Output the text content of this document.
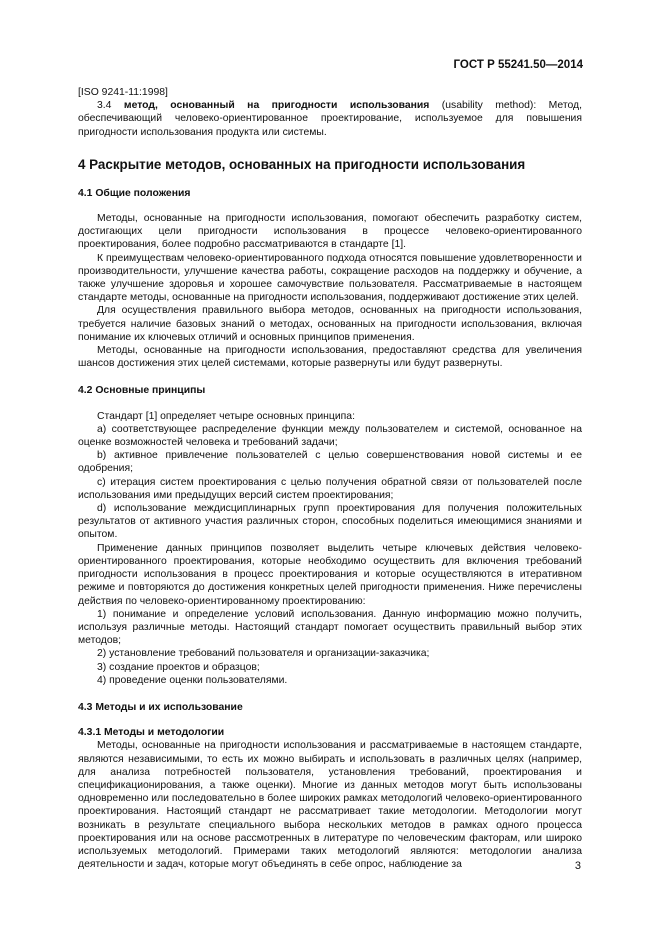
ГОСТ Р 55241.50—2014

[ISO 9241-11:1998]

3.4 метод, основанный на пригодности использования (usability method): Метод, обеспечивающий человеко-ориентированное проектирование, используемое для повышения пригодности использования продукта или системы.

4 Раскрытие методов, основанных на пригодности использования
4.1 Общие положения

Методы, основанные на пригодности использования, помогают обеспечить разработку систем, достигающих цели пригодности использования в процессе человеко-ориентированного проектирования, более подробно рассматриваются в стандарте [1].

К преимуществам человеко-ориентированного подхода относятся повышение удовлетворенности и производительности, улучшение качества работы, сокращение расходов на поддержку и обучение, а также улучшение здоровья и хорошее самочувствие пользователя. Рассматриваемые в настоящем стандарте методы, основанные на пригодности использования, поддерживают достижение этих целей.

Для осуществления правильного выбора методов, основанных на пригодности использования, требуется наличие базовых знаний о методах, основанных на пригодности использования, включая понимание их ключевых отличий и основных принципов применения.

Методы, основанные на пригодности использования, предоставляют средства для увеличения шансов достижения этих целей системами, которые развернуты или будут развернуты.

4.2 Основные принципы

Стандарт [1] определяет четыре основных принципа:

a) соответствующее распределение функции между пользователем и системой, основанное на оценке возможностей человека и требований задачи;

b) активное привлечение пользователей с целью совершенствования новой системы и ее одобрения;

c) итерация систем проектирования с целью получения обратной связи от пользователей после использования ими предыдущих версий систем проектирования;

d) использование междисциплинарных групп проектирования для получения положительных результатов от активного участия различных сторон, способных поделиться имеющимися знаниями и опытом.

Применение данных принципов позволяет выделить четыре ключевых действия человеко-ориентированного проектирования, которые необходимо осуществить для включения требований пригодности использования в процесс проектирования и которые осуществляются в итеративном режиме и повторяются до достижения конкретных целей пригодности применения. Ниже перечислены действия по человеко-ориентированному проектированию:

1) понимание и определение условий использования. Данную информацию можно получить, используя различные методы. Настоящий стандарт помогает осуществить правильный выбор этих методов;

2) установление требований пользователя и организации-заказчика;

3) создание проектов и образцов;

4) проведение оценки пользователями.

4.3 Методы и их использование
4.3.1 Методы и методологии

Методы, основанные на пригодности использования и рассматриваемые в настоящем стандарте, являются независимыми, то есть их можно выбирать и использовать в различных целях (например, для анализа потребностей пользователя, установления требований, проектирования и спецификационирования, а также оценки). Многие из данных методов могут быть использованы одновременно или последовательно в более широких рамках методологий человеко-ориентированного проектирования. Настоящий стандарт не рассматривает такие методологии. Методологии могут возникать в результате специального выбора нескольких методов в рамках одного процесса проектирования или на основе рассмотренных в литературе по человеческим факторам, или широко используемых методологий. Примерами таких методологий являются: методологии анализа деятельности и задач, которые могут объединять в себе опрос, наблюдение за	3
